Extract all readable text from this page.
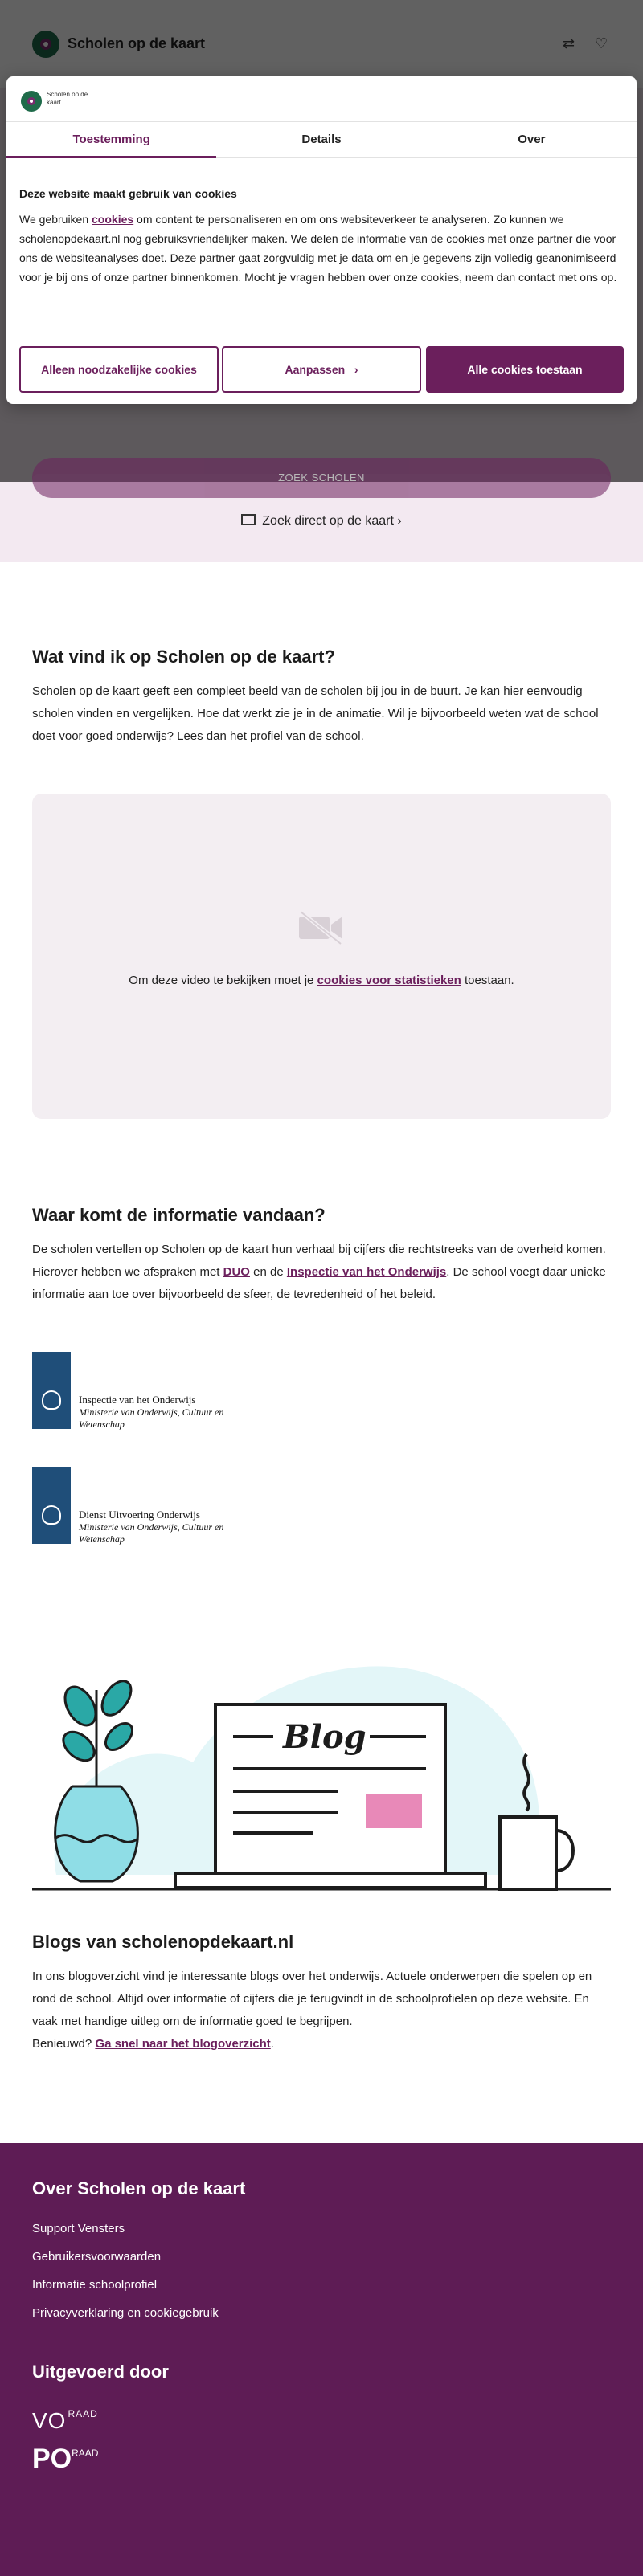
ZOEK SCHOLEN
Zoek direct op de kaart ›
Scholen op de kaart
Toestemming	Details	Over
Deze website maakt gebruik van cookies
We gebruiken cookies om content te personaliseren en om ons websiteverkeer te analyseren. Zo kunnen we scholenopdekaart.nl nog gebruiksvriendelijker maken. We delen de informatie van de cookies met onze partner die voor ons de websiteanalyses doet. Deze partner gaat zorgvuldig met je data om en je gegevens zijn volledig geanonimiseerd voor je bij ons of onze partner binnenkomen. Mocht je vragen hebben over onze cookies, neem dan contact met ons op.
Alleen noodzakelijke cookies	Aanpassen   ›	Alle cookies toestaan
Wat vind ik op Scholen op de kaart?

Scholen op de kaart geeft een compleet beeld van de scholen bij jou in de buurt. Je kan hier eenvoudig scholen vinden en vergelijken. Hoe dat werkt zie je in de animatie. Wil je bijvoorbeeld weten wat de school doet voor goed onderwijs? Lees dan het profiel van de school.

Om deze video te bekijken moet je cookies voor statistieken toestaan.
Waar komt de informatie vandaan?

De scholen vertellen op Scholen op de kaart hun verhaal bij cijfers die rechtstreeks van de overheid komen. Hierover hebben we afspraken met DUO en de Inspectie van het Onderwijs. De school voegt daar unieke informatie aan toe over bijvoorbeeld de sfeer, de tevredenheid of het beleid.

Inspectie van het Onderwijs
Ministerie van Onderwijs, Cultuur en Wetenschap
Dienst Uitvoering Onderwijs
Ministerie van Onderwijs, Cultuur en Wetenschap
Blog
Blogs van scholenopdekaart.nl

In ons blogoverzicht vind je interessante blogs over het onderwijs. Actuele onderwerpen die spelen op en rond de school. Altijd over informatie of cijfers die je terugvindt in de schoolprofielen op deze website. En vaak met handige uitleg om de informatie goed te begrijpen.

Benieuwd? Ga snel naar het blogoverzicht.

Over Scholen op de kaart
Support Vensters
Gebruikersvoorwaarden
Informatie schoolprofiel
Privacyverklaring en cookiegebruik
Uitgevoerd door
VO $^{RAAD}$
$PO^{RAAD}$
